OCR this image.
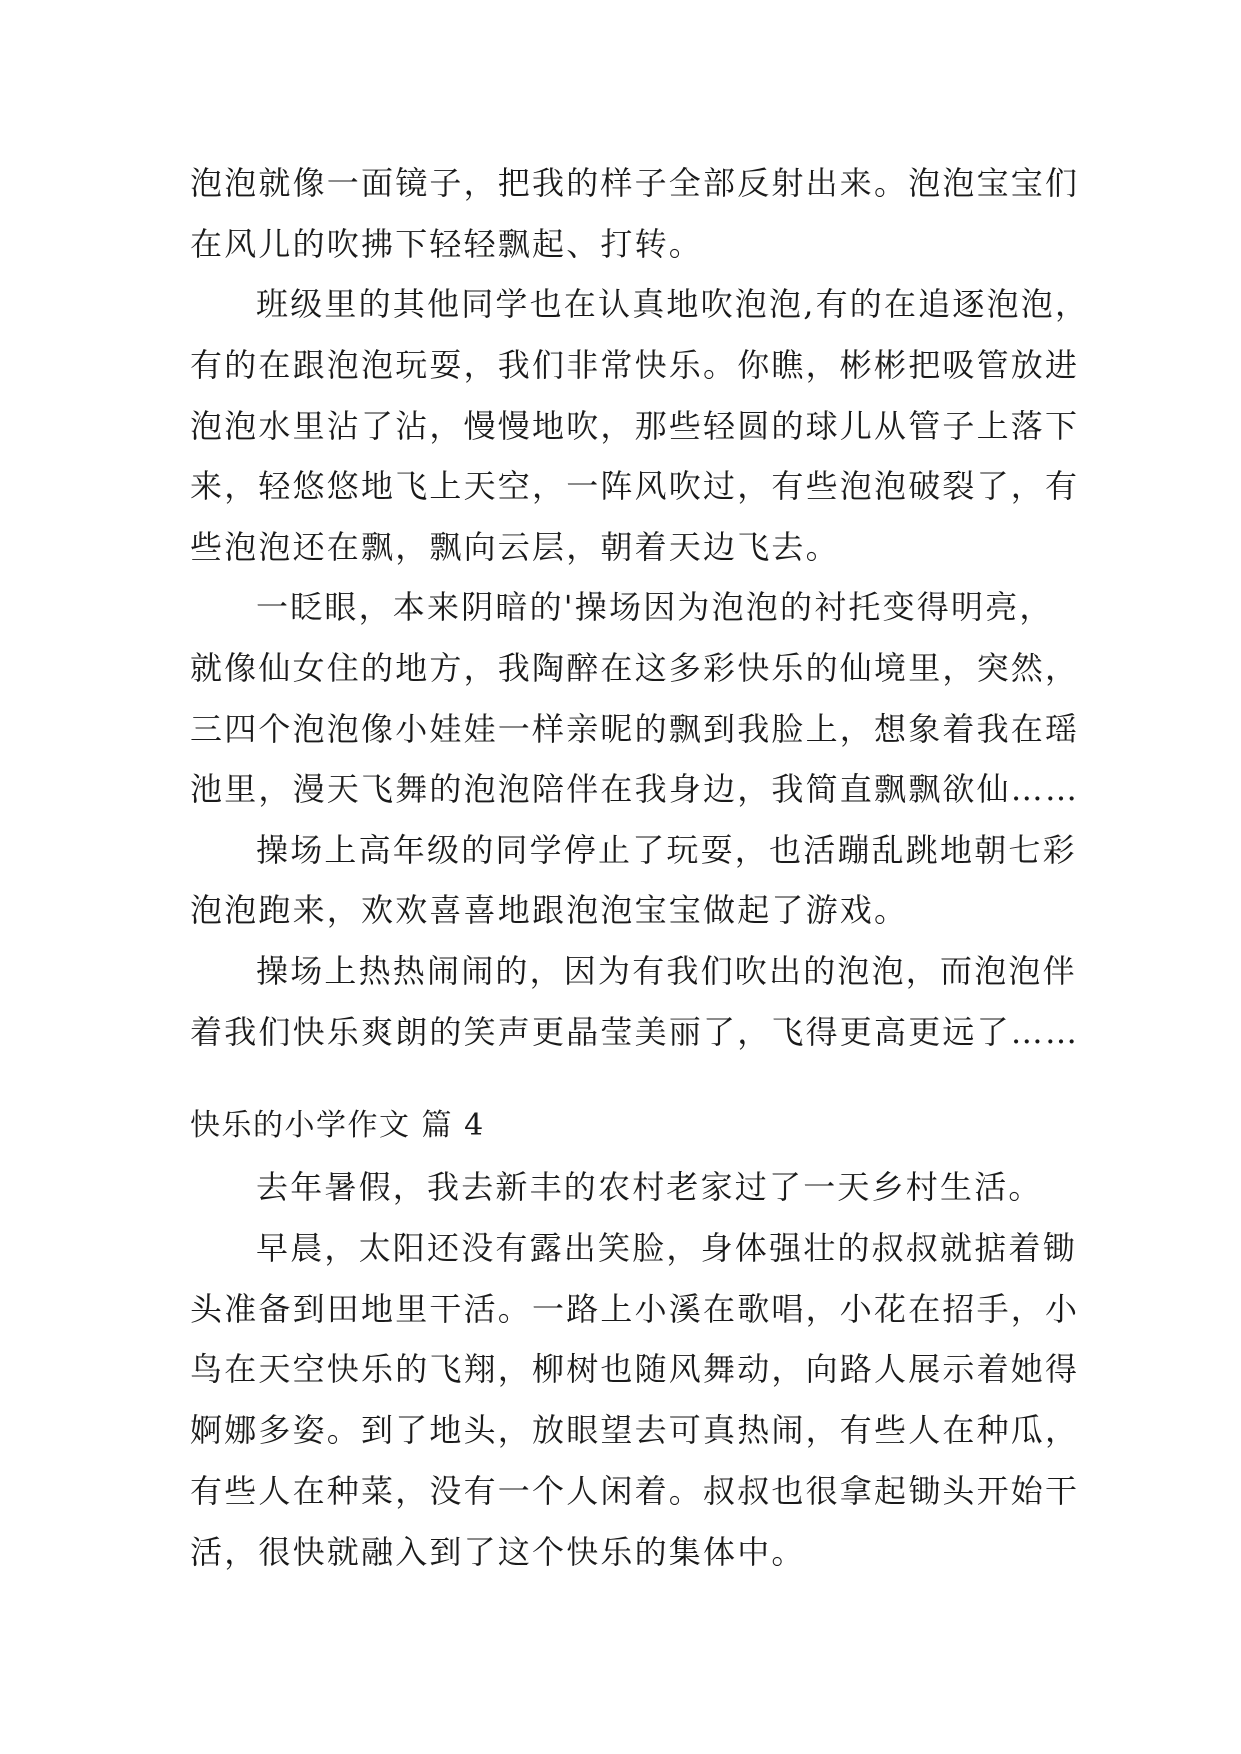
泡泡就像一面镜子，把我的样子全部反射出来。泡泡宝宝们
在风儿的吹拂下轻轻飘起、打转。
班级里的其他同学也在认真地吹泡泡,有的在追逐泡泡，
有的在跟泡泡玩耍，我们非常快乐。你瞧，彬彬把吸管放进
泡泡水里沾了沾，慢慢地吹，那些轻圆的球儿从管子上落下
来，轻悠悠地飞上天空，一阵风吹过，有些泡泡破裂了，有
些泡泡还在飘，飘向云层，朝着天边飞去。
一眨眼，本来阴暗的'操场因为泡泡的衬托变得明亮，
就像仙女住的地方，我陶醉在这多彩快乐的仙境里，突然，
三四个泡泡像小娃娃一样亲昵的飘到我脸上，想象着我在瑶
池里，漫天飞舞的泡泡陪伴在我身边，我简直飘飘欲仙……
操场上高年级的同学停止了玩耍，也活蹦乱跳地朝七彩
泡泡跑来，欢欢喜喜地跟泡泡宝宝做起了游戏。
操场上热热闹闹的，因为有我们吹出的泡泡，而泡泡伴
着我们快乐爽朗的笑声更晶莹美丽了，飞得更高更远了……
快乐的小学作文 篇 4
去年暑假，我去新丰的农村老家过了一天乡村生活。
早晨，太阳还没有露出笑脸，身体强壮的叔叔就掂着锄
头准备到田地里干活。一路上小溪在歌唱，小花在招手，小
鸟在天空快乐的飞翔，柳树也随风舞动，向路人展示着她得
婀娜多姿。到了地头，放眼望去可真热闹，有些人在种瓜，
有些人在种菜，没有一个人闲着。叔叔也很拿起锄头开始干
活，很快就融入到了这个快乐的集体中。
